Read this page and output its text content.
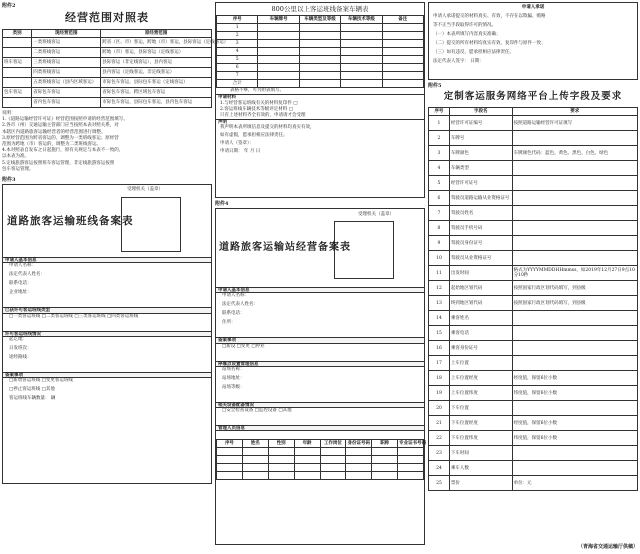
附件2
经营范围对照表
类别	现经营范围	原经营范围
	一类班线客运	跨省（区、市）客运，跨地（市）客运，县际客运（定线客运）
	二类班线客运	跨地（市）客运，县际客运（定线客运）
班车客运	三类班线客运	县际客运（非定线客运），县内客运
	四类班线客运	县内客运（定线客运，非定线客运）
	五类班线客运（县内区域客运）	市际包车客运，县际包车客运（定线客运）
包车客运	省际包车客运	省际包车客运，跨区域包车客运
	省内包车客运	市际包车客运，县际包车客运，县内包车客运
说明：
1.《道路运输经营许可证》经营范围按照申请的经营范围填写。
2.各市（州）交通运输主管部门应当按照本表对照关系，对
本辖区内道路旅客运输经营者的经营范围进行调整。
3.原经营范围为跨省客运的，调整为一类班线客运；原经营
范围为跨地（市）客运的，调整为二类班线客运。
4.本对照表自发布之日起施行，原有关规定与本表不一致的，
以本表为准。
5.定线旅游客运按照班车客运管理，非定线旅游客运按照
包车客运管理。
附件3
受理机关（盖章）
道路旅客运输班线备案表
申请人基本信息
申请人名称：
法定代表人姓名：
联系电话：
企业地址：
已获许可客运班线类型
□一类客运班线 □二类客运班线 □三类客运班线 □四类客运班线
许可客运班线情况
起讫地：
日发班次：
途经路线：
备案事项
□新增客运班线 □变更客运班线
□停止客运班线 □其他
客运班线车辆数量： 辆
800公里以上客运班线备案车辆表
序号	车辆牌号	车辆类型及等级	车辆技术等级	备注
1				
2				
3				
4				
5				
6				
7				
合计				
表格不够，可另附表填写。
申请材料
1.与经营客运班线有关的材料复印件 □
2.客运班线车辆技术等级评定材料 □
只有上述材料齐全有效的，申请请才会受理
声明
我声明本表所填信息及提交的材料均真实有效，
如有虚假，愿承担相应法律责任。
申请人（签章）：
申请日期： 年 月 日
附件4
受理机关（盖章）
道路旅客运输站经营备案表
申请人基本信息
申请人名称：
法定代表人姓名：
联系电话：
住所：
备案事项
□新设 □变更 □停业
停靠点设置管理信息
站场名称：
站场地址：
站场等级：
相关设备配备情况
□安全检查设备 □监控设备 □其他
管理人员信息
序号	姓名	性别	年龄	工作岗位	身份证号码	职称	专业证书号码

申请人承诺
申请人承诺提交的材料真实、有效，不存在以欺骗、贿赂
等不正当手段取得许可的情况。
（一）本表所填写内容真实准确；
（二）提交的所有材料均真实有效，复印件与原件一致；
（三）如有违反，愿承担相应法律责任。
法定代表人签字： 日期：
附件5
定制客运服务网络平台上传字段及要求
序号	字段名	要求
1	经营许可证编号	按照道路运输经营许可证填写
2	车牌号	
3	车牌颜色	车牌颜色代码：蓝色、黄色、黑色、白色、绿色
4	车辆类型	
5	经营许可证号	
6	驾驶员道路运输从业资格证号	
7	驾驶员姓名	
8	驾驶员手机号码	
9	驾驶员身份证号	
10	驾驶员从业资格证号	
11	出发时间	格式为YYYYMMDDHHmmss，如2019年12月27日9点10分10秒
12	起始地区划代码	按照国家行政区划代码填写，到县级
13	终到地区划代码	按照国家行政区划代码填写，到县级
14	乘客姓名	
15	乘客电话	
16	乘客身份证号	
17	上车位置	
18	上车位置经度	经度值，保留6位小数
19	上车位置纬度	纬度值，保留6位小数
20	下车位置	
21	下车位置经度	经度值，保留6位小数
22	下车位置纬度	纬度值，保留6位小数
23	下车时间	
24	乘车人数	
25	票价	单位：元
（青海省交通运输厅供稿）
